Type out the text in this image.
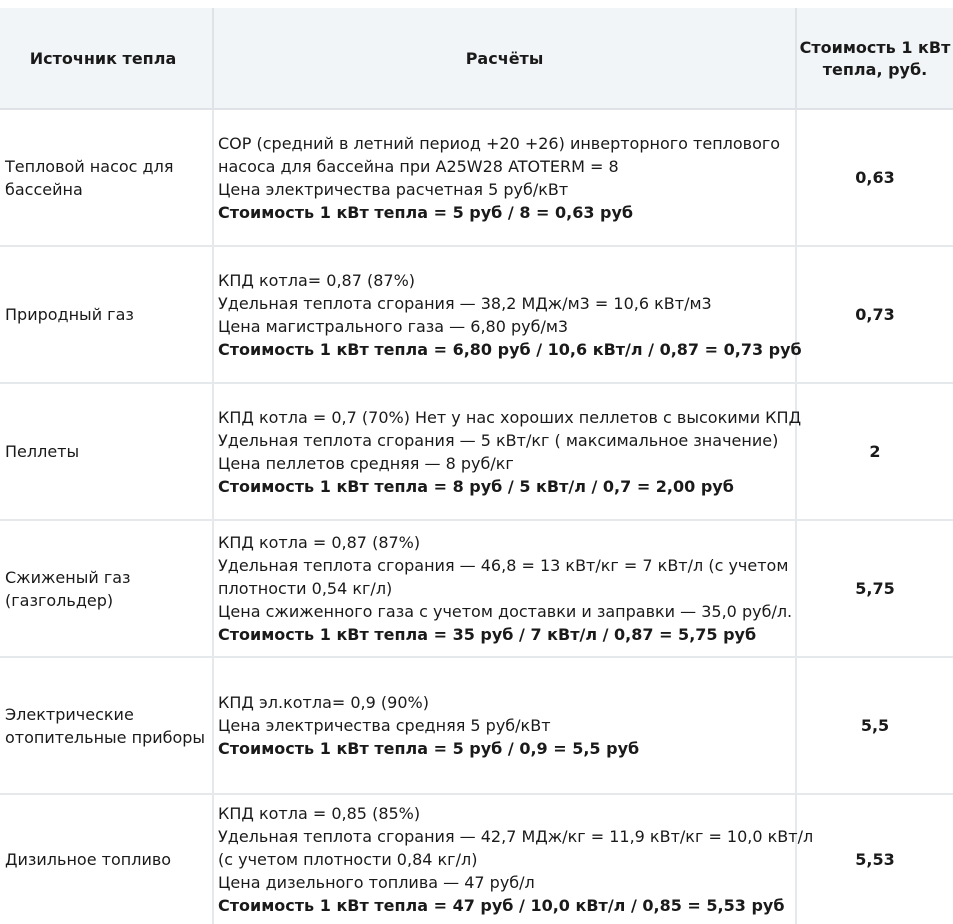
Источник тепла	Расчёты
Стоимость 1 кВт тепла, руб.
Тепловой насос для бассейна
COP (средний в летний период +20 +26) инверторного теплового
насоса для бассейна при A25W28 ATOTERM = 8
Цена электричества расчетная 5 руб/кВт
Стоимость 1 кВт тепла = 5 руб / 8 = 0,63 руб
0,63
Природный газ
КПД котла= 0,87 (87%)
Удельная теплота сгорания — 38,2 МДж/м3 = 10,6 кВт/м3
Цена магистрального газа — 6,80 руб/м3
Стоимость 1 кВт тепла = 6,80 руб / 10,6 кВт/л / 0,87 = 0,73 руб
0,73
Пеллеты
КПД котла = 0,7 (70%) Нет у нас хороших пеллетов с высокими КПД
Удельная теплота сгорания — 5 кВт/кг ( максимальное значение)
Цена пеллетов средняя — 8 руб/кг
Стоимость 1 кВт тепла = 8 руб / 5 кВт/л / 0,7 = 2,00 руб
2
Сжиженый газ (газгольдер)
КПД котла = 0,87 (87%)
Удельная теплота сгорания — 46,8 = 13 кВт/кг = 7 кВт/л (с учетом
плотности 0,54 кг/л)
Цена сжиженного газа с учетом доставки и заправки — 35,0 руб/л.
Стоимость 1 кВт тепла = 35 руб / 7 кВт/л / 0,87 = 5,75 руб
5,75
Электрические отопительные приборы
КПД эл.котла= 0,9 (90%)
Цена электричества средняя 5 руб/кВт
Стоимость 1 кВт тепла = 5 руб / 0,9 = 5,5 руб
5,5
Дизильное топливо
КПД котла = 0,85 (85%)
Удельная теплота сгорания — 42,7 МДж/кг = 11,9 кВт/кг = 10,0 кВт/л
(с учетом плотности 0,84 кг/л)
Цена дизельного топлива — 47 руб/л
Стоимость 1 кВт тепла = 47 руб / 10,0 кВт/л / 0,85 = 5,53 руб
5,53
